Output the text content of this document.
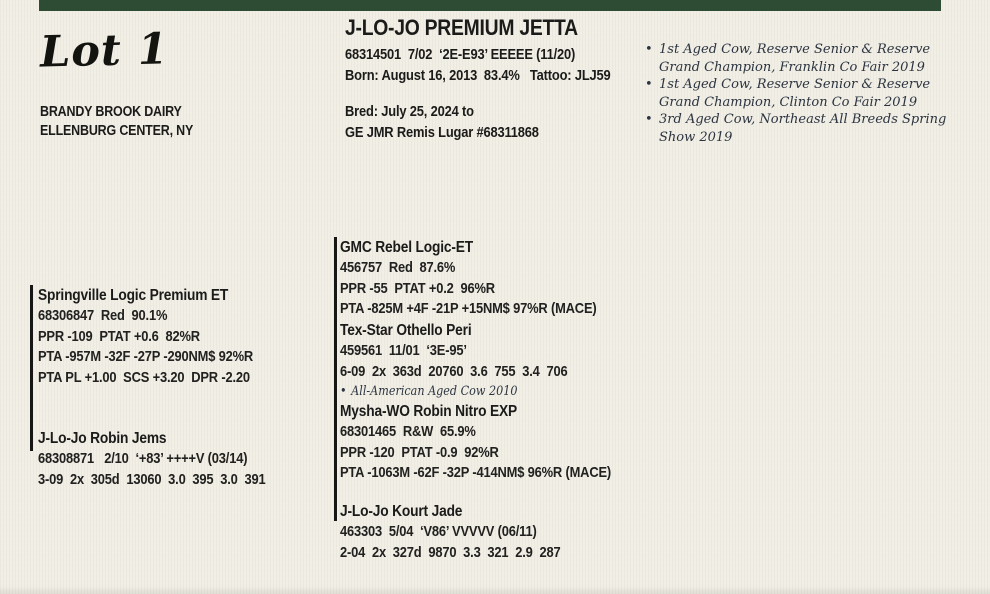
Lot 1
BRANDY BROOK DAIRY
ELLENBURG CENTER, NY
J-LO-JO PREMIUM JETTA
68314501  7/02  ‘2E-E93’ EEEEE (11/20)
Born: August 16, 2013  83.4%   Tattoo: JLJ59
Bred: July 25, 2024 to
GE JMR Remis Lugar #68311868
• 1st Aged Cow, Reserve Senior & Reserve Grand Champion, Franklin Co Fair 2019
• 1st Aged Cow, Reserve Senior & Reserve Grand Champion, Clinton Co Fair 2019
• 3rd Aged Cow, Northeast All Breeds Spring Show 2019
Springville Logic Premium ET
68306847  Red  90.1%
PPR -109  PTAT +0.6  82%R
PTA -957M -32F -27P -290NM$ 92%R
PTA PL +1.00  SCS +3.20  DPR -2.20
J-Lo-Jo Robin Jems
68308871   2/10  ‘+83’ ++++V (03/14)
3-09  2x  305d  13060  3.0  395  3.0  391
GMC Rebel Logic-ET
456757  Red  87.6%
PPR -55  PTAT +0.2  96%R
PTA -825M +4F -21P +15NM$ 97%R (MACE)
Tex-Star Othello Peri
459561  11/01  ‘3E-95’
6-09  2x  363d  20760  3.6  755  3.4  706
• All-American Aged Cow 2010
Mysha-WO Robin Nitro EXP
68301465  R&W  65.9%
PPR -120  PTAT -0.9  92%R
PTA -1063M -62F -32P -414NM$ 96%R (MACE)
J-Lo-Jo Kourt Jade
463303  5/04  ‘V86’ VVVVV (06/11)
2-04  2x  327d  9870  3.3  321  2.9  287
